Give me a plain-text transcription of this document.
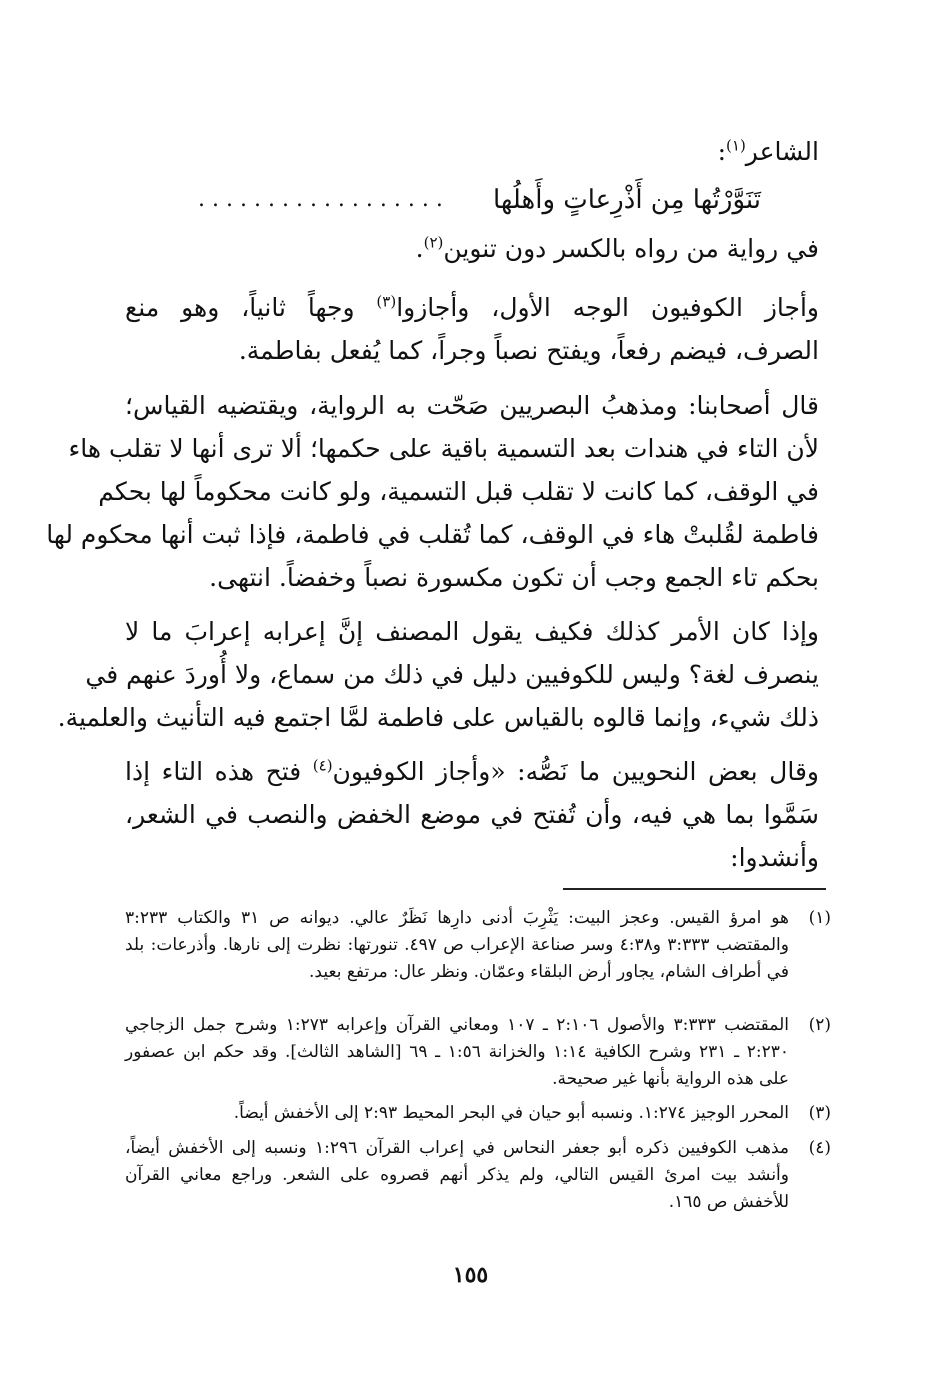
الشاعر$^{(١)}$:
تَنَوَّرْتُها مِن أَذْرِعاتٍ وأَهلُها
..................
في رواية من رواه بالكسر دون تنوين$^{(٢)}$.
وأجاز الكوفيون الوجه الأول، وأجازوا$^{(٣)}$ وجهاً ثانياً، وهو منع
الصرف، فيضم رفعاً، ويفتح نصباً وجراً، كما يُفعل بفاطمة.
قال أصحابنا: ومذهبُ البصريين صَحّت به الرواية، ويقتضيه القياس؛
لأن التاء في هندات بعد التسمية باقية على حكمها؛ ألا ترى أنها لا تقلب هاء
في الوقف، كما كانت لا تقلب قبل التسمية، ولو كانت محكوماً لها بحكم
فاطمة لقُلبتْ هاء في الوقف، كما تُقلب في فاطمة، فإذا ثبت أنها محكوم لها
بحكم تاء الجمع وجب أن تكون مكسورة نصباً وخفضاً. انتهى.
وإذا كان الأمر كذلك فكيف يقول المصنف إنَّ إعرابه إعرابَ ما لا
ينصرف لغة؟ وليس للكوفيين دليل في ذلك من سماع، ولا أُوردَ عنهم في
ذلك شيء، وإنما قالوه بالقياس على فاطمة لمَّا اجتمع فيه التأنيث والعلمية.
وقال بعض النحويين ما نَصُّه: «وأجاز الكوفيون$^{(٤)}$ فتح هذه التاء إذا
سَمَّوا بما هي فيه، وأن تُفتح في موضع الخفض والنصب في الشعر،
وأنشدوا:
(١)
هو امرؤ القيس. وعجز البيت: يَثْرِبَ أدنى دارِها نَظَرٌ عالي. ديوانه ص ٣١ والكتاب ٣:٢٣٣ والمقتضب ٣:٣٣٣ و٤:٣٨ وسر صناعة الإعراب ص ٤٩٧. تنورتها: نظرت إلى نارها. وأذرعات: بلد في أطراف الشام، يجاور أرض البلقاء وعمّان. ونظر عال: مرتفع بعيد.
(٢)
المقتضب ٣:٣٣٣ والأصول ٢:١٠٦ ـ ١٠٧ ومعاني القرآن وإعرابه ١:٢٧٣ وشرح جمل الزجاجي ٢:٢٣٠ ـ ٢٣١ وشرح الكافية ١:١٤ والخزانة ١:٥٦ ـ ٦٩ [الشاهد الثالث]. وقد حكم ابن عصفور على هذه الرواية بأنها غير صحيحة.
(٣)
المحرر الوجيز ١:٢٧٤. ونسبه أبو حيان في البحر المحيط ٢:٩٣ إلى الأخفش أيضاً.
(٤)
مذهب الكوفيين ذكره أبو جعفر النحاس في إعراب القرآن ١:٢٩٦ ونسبه إلى الأخفش أيضاً، وأنشد بيت امرئ القيس التالي، ولم يذكر أنهم قصروه على الشعر. وراجع معاني القرآن للأخفش ص ١٦٥.
١٥٥
